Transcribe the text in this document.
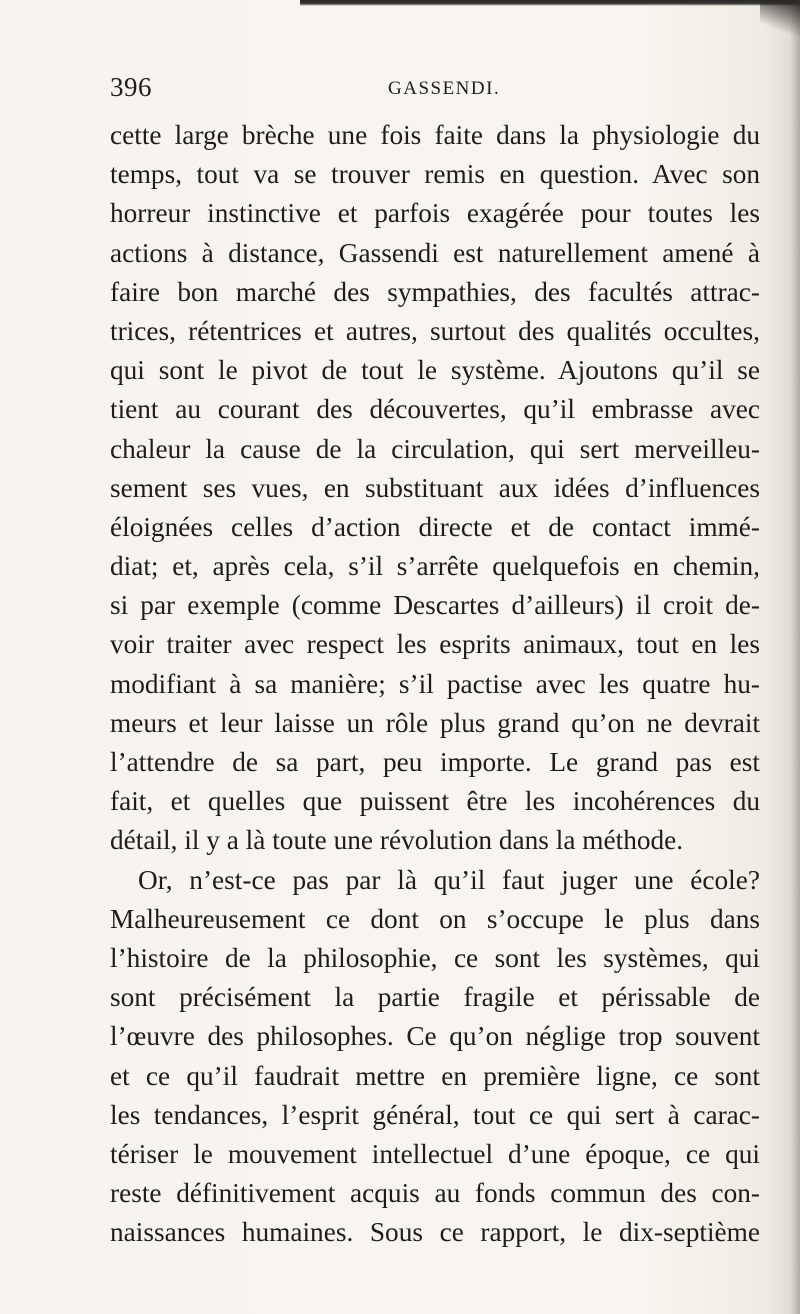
396	GASSENDI.
cette large brèche une fois faite dans la physiologie du
temps, tout va se trouver remis en question. Avec son
horreur instinctive et parfois exagérée pour toutes les
actions à distance, Gassendi est naturellement amené à
faire bon marché des sympathies, des facultés attrac-
trices, rétentrices et autres, surtout des qualités occultes,
qui sont le pivot de tout le système. Ajoutons qu’il se
tient au courant des découvertes, qu’il embrasse avec
chaleur la cause de la circulation, qui sert merveilleu-
sement ses vues, en substituant aux idées d’influences
éloignées celles d’action directe et de contact immé-
diat; et, après cela, s’il s’arrête quelquefois en chemin,
si par exemple (comme Descartes d’ailleurs) il croit de-
voir traiter avec respect les esprits animaux, tout en les
modifiant à sa manière; s’il pactise avec les quatre hu-
meurs et leur laisse un rôle plus grand qu’on ne devrait
l’attendre de sa part, peu importe. Le grand pas est
fait, et quelles que puissent être les incohérences du
détail, il y a là toute une révolution dans la méthode.
Or, n’est-ce pas par là qu’il faut juger une école?
Malheureusement ce dont on s’occupe le plus dans
l’histoire de la philosophie, ce sont les systèmes, qui
sont précisément la partie fragile et périssable de
l’œuvre des philosophes. Ce qu’on néglige trop souvent
et ce qu’il faudrait mettre en première ligne, ce sont
les tendances, l’esprit général, tout ce qui sert à carac-
tériser le mouvement intellectuel d’une époque, ce qui
reste définitivement acquis au fonds commun des con-
naissances humaines. Sous ce rapport, le dix-septième
